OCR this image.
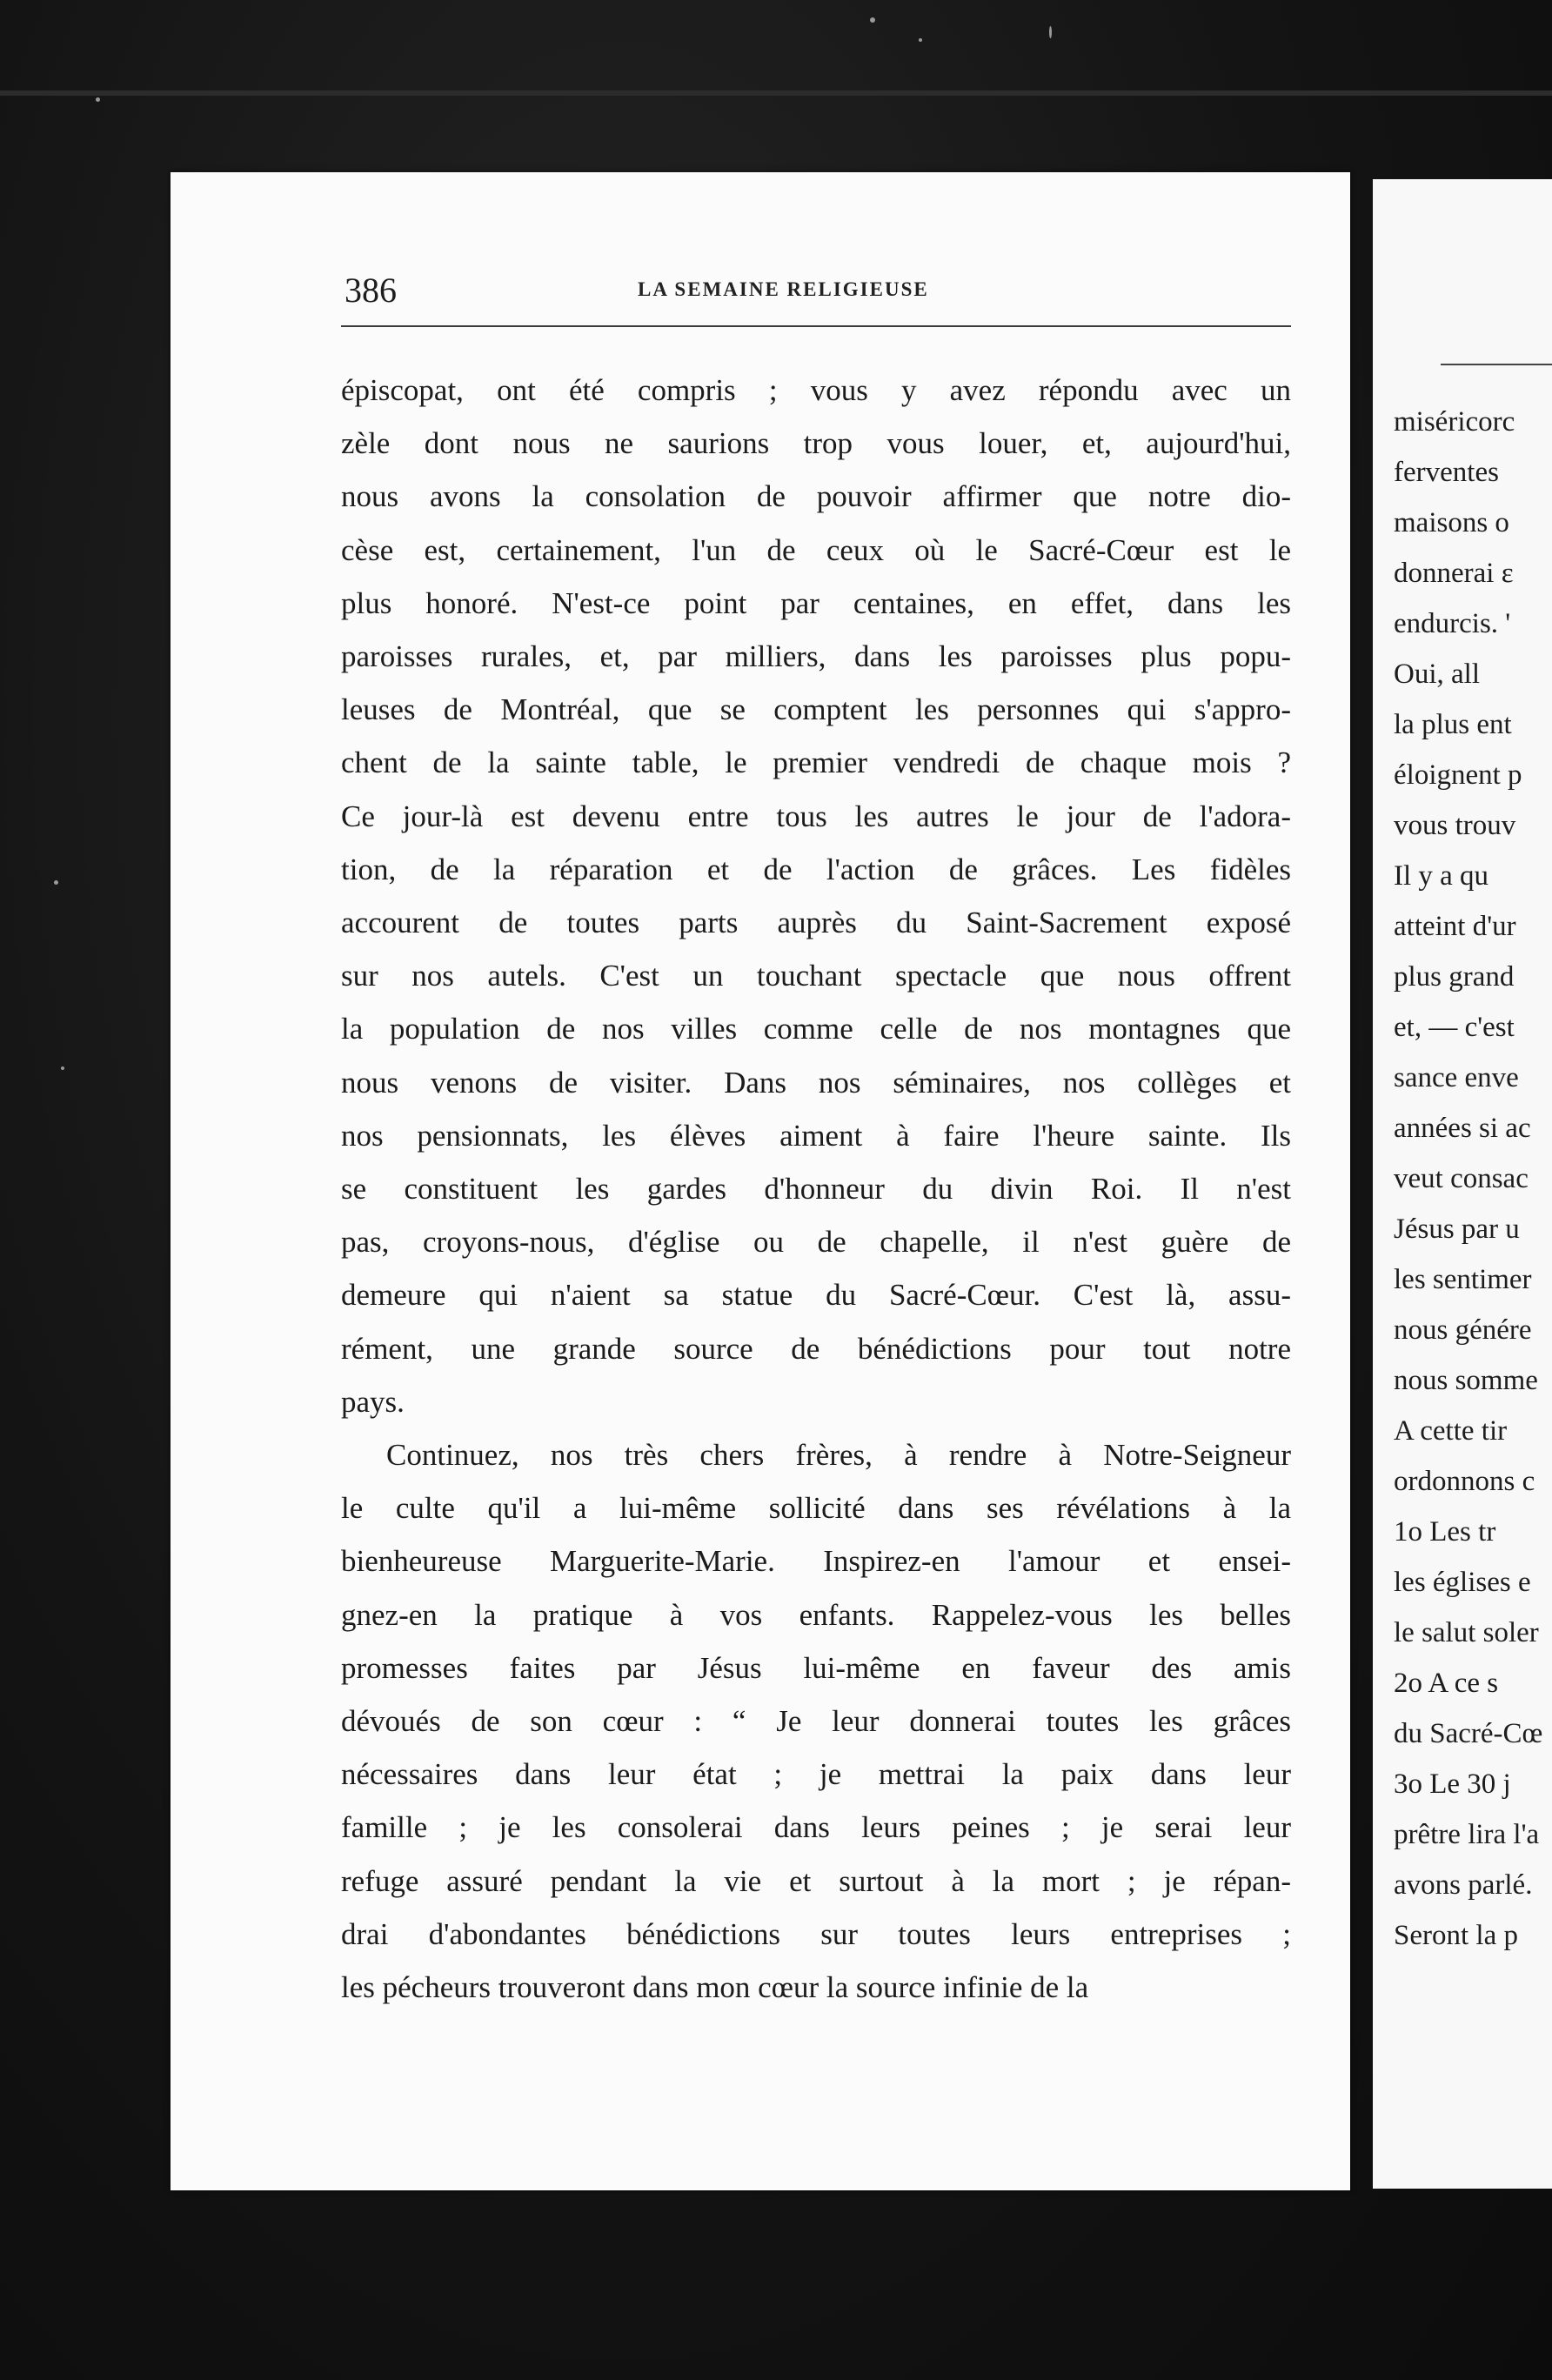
miséricorc
ferventes
maisons o
donnerai ε
endurcis. '
Oui, all
la plus ent
éloignent p
vous trouv
Il y a qu
atteint d'ur
plus grand
et, — c'est
sance enve
années si ac
veut consac
Jésus par u
les sentimer
nous génére
nous somme
A cette tir
ordonnons c
1o Les tr
les églises e
le salut soler
2o A ce s
du Sacré-Cœ
3o Le 30 j
prêtre lira l'a
avons parlé.
Seront la p
386	LA SEMAINE RELIGIEUSE

épiscopat, ont été compris ; vous y avez répondu avec un
zèle dont nous ne saurions trop vous louer, et, aujourd'hui,
nous avons la consolation de pouvoir affirmer que notre dio-
cèse est, certainement, l'un de ceux où le Sacré-Cœur est le
plus honoré. N'est-ce point par centaines, en effet, dans les
paroisses rurales, et, par milliers, dans les paroisses plus popu-
leuses de Montréal, que se comptent les personnes qui s'appro-
chent de la sainte table, le premier vendredi de chaque mois ?
Ce jour-là est devenu entre tous les autres le jour de l'adora-
tion, de la réparation et de l'action de grâces. Les fidèles
accourent de toutes parts auprès du Saint-Sacrement exposé
sur nos autels. C'est un touchant spectacle que nous offrent
la population de nos villes comme celle de nos montagnes que
nous venons de visiter. Dans nos séminaires, nos collèges et
nos pensionnats, les élèves aiment à faire l'heure sainte. Ils
se constituent les gardes d'honneur du divin Roi. Il n'est
pas, croyons-nous, d'église ou de chapelle, il n'est guère de
demeure qui n'aient sa statue du Sacré-Cœur. C'est là, assu-
rément, une grande source de bénédictions pour tout notre
pays.

Continuez, nos très chers frères, à rendre à Notre-Seigneur
le culte qu'il a lui-même sollicité dans ses révélations à la
bienheureuse Marguerite-Marie. Inspirez-en l'amour et ensei-
gnez-en la pratique à vos enfants. Rappelez-vous les belles
promesses faites par Jésus lui-même en faveur des amis
dévoués de son cœur : “ Je leur donnerai toutes les grâces
nécessaires dans leur état ; je mettrai la paix dans leur
famille ; je les consolerai dans leurs peines ; je serai leur
refuge assuré pendant la vie et surtout à la mort ; je répan-
drai d'abondantes bénédictions sur toutes leurs entreprises ;
les pécheurs trouveront dans mon cœur la source infinie de la
